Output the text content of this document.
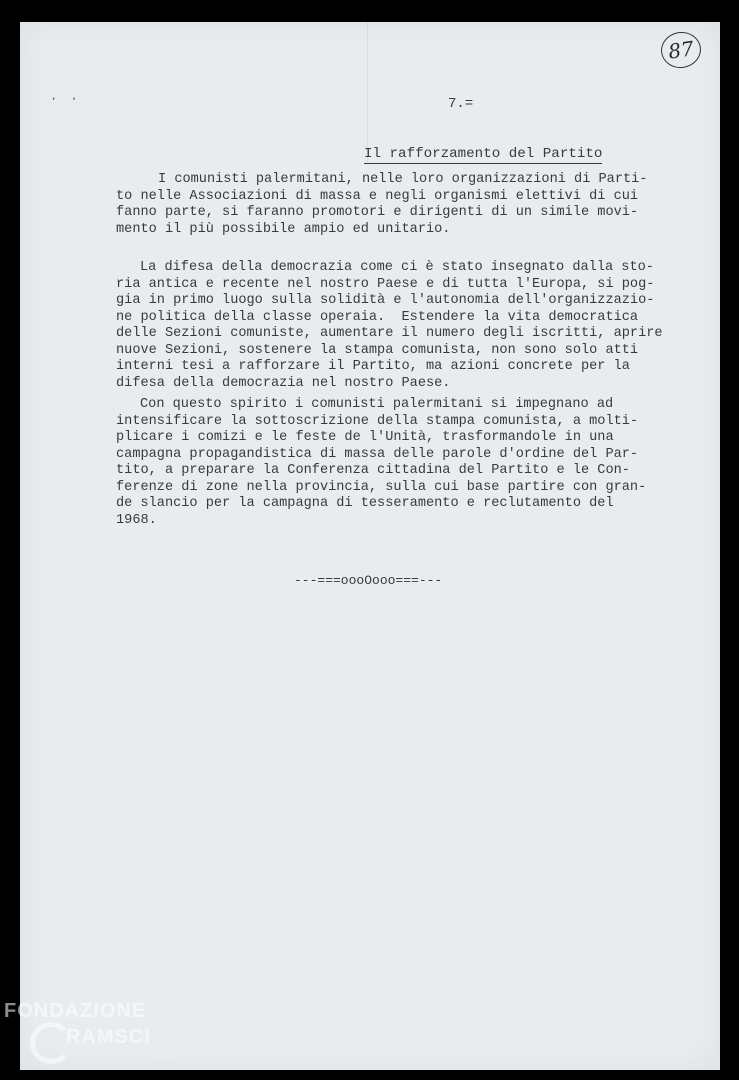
87
· ·	7.=
Il rafforzamento del Partito
I comunisti palermitani, nelle loro organizzazioni di Parti-
to nelle Associazioni di massa e negli organismi elettivi di cui
fanno parte, si faranno promotori e dirigenti di un simile movi-
mento il più possibile ampio ed unitario.
La difesa della democrazia come ci è stato insegnato dalla sto-
ria antica e recente nel nostro Paese e di tutta l'Europa, si pog-
gia in primo luogo sulla solidità e l'autonomia dell'organizzazio-
ne politica della classe operaia.  Estendere la vita democratica
delle Sezioni comuniste, aumentare il numero degli iscritti, aprire
nuove Sezioni, sostenere la stampa comunista, non sono solo atti
interni tesi a rafforzare il Partito, ma azioni concrete per la
difesa della democrazia nel nostro Paese.
Con questo spirito i comunisti palermitani si impegnano ad
intensificare la sottoscrizione della stampa comunista, a molti-
plicare i comizi e le feste de l'Unità, trasformandole in una
campagna propagandistica di massa delle parole d'ordine del Par-
tito, a preparare la Conferenza cittadina del Partito e le Con-
ferenze di zone nella provincia, sulla cui base partire con gran-
de slancio per la campagna di tesseramento e reclutamento del
1968.
---===oooOooo===---
FONDAZIONE
RAMSCI
onlus
